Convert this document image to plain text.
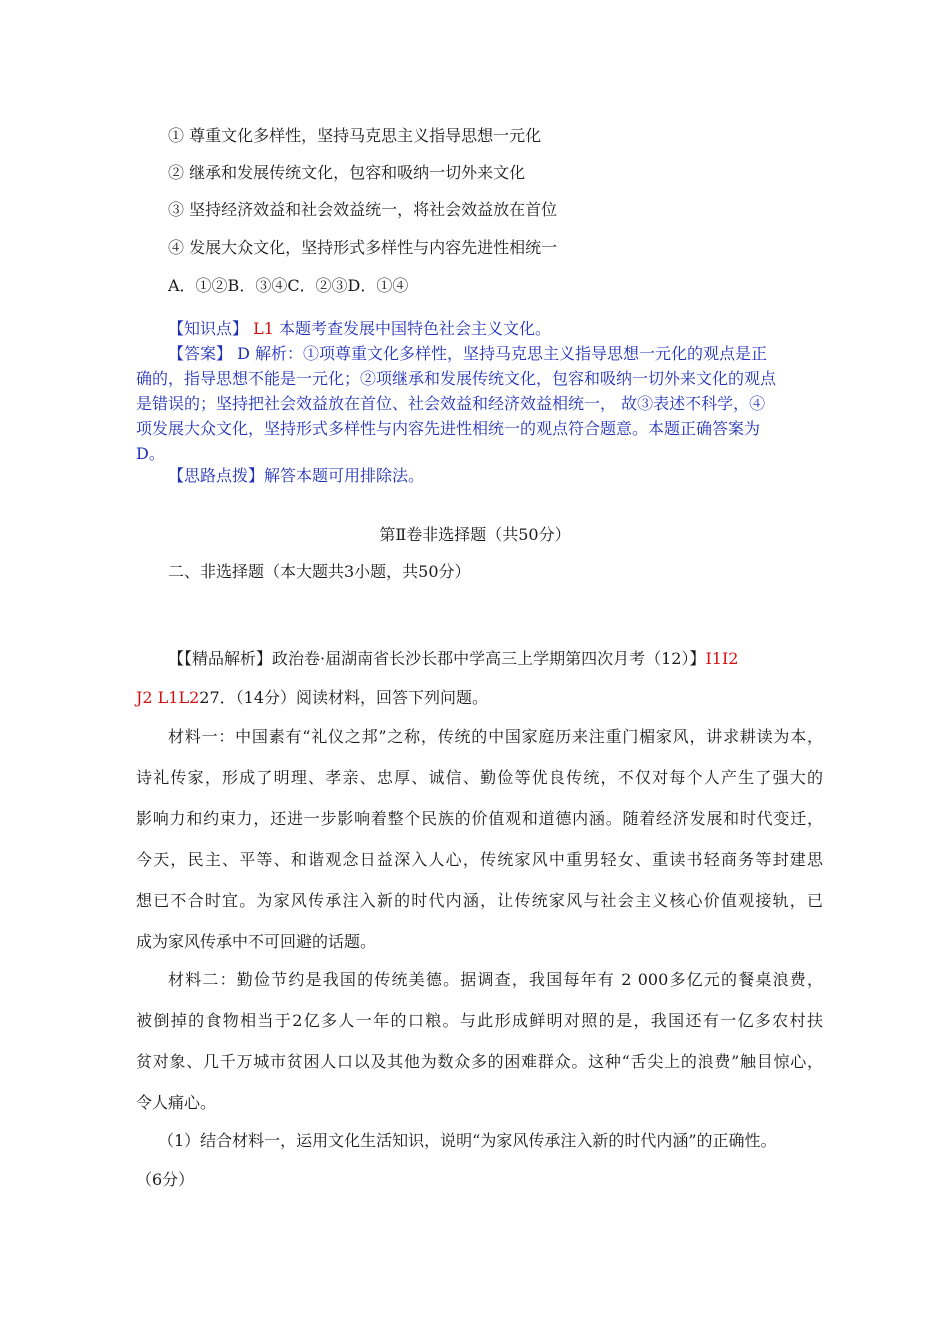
① 尊重文化多样性，坚持马克思主义指导思想一元化
② 继承和发展传统文化，包容和吸纳一切外来文化
③ 坚持经济效益和社会效益统一，将社会效益放在首位
④ 发展大众文化，坚持形式多样性与内容先进性相统一
A．①②B．③④C．②③D．①④
【知识点】 L1 本题考查发展中国特色社会主义文化。
【答案】 D 解析：①项尊重文化多样性，坚持马克思主义指导思想一元化的观点是正
确的，指导思想不能是一元化；②项继承和发展传统文化，包容和吸纳一切外来文化的观点
是错误的；坚持把社会效益放在首位、社会效益和经济效益相统一， 故③表述不科学，④
项发展大众文化，坚持形式多样性与内容先进性相统一的观点符合题意。本题正确答案为
D。
【思路点拨】解答本题可用排除法。
第Ⅱ卷非选择题（共50分）
二、非选择题（本大题共3小题，共50分）
【【精品解析】政治卷·届湖南省长沙长郡中学高三上学期第四次月考（12）】I1I2
J2 L1L227．（14分）阅读材料，回答下列问题。
材料一：中国素有“礼仪之邦”之称，传统的中国家庭历来注重门楣家风，讲求耕读为本，
诗礼传家，形成了明理、孝亲、忠厚、诚信、勤俭等优良传统，不仅对每个人产生了强大的
影响力和约束力，还进一步影响着整个民族的价值观和道德内涵。随着经济发展和时代变迁，
今天，民主、平等、和谐观念日益深入人心，传统家风中重男轻女、重读书轻商务等封建思
想已不合时宜。为家风传承注入新的时代内涵，让传统家风与社会主义核心价值观接轨，已
成为家风传承中不可回避的话题。
材料二：勤俭节约是我国的传统美德。据调查，我国每年有 2 000多亿元的餐桌浪费，
被倒掉的食物相当于2亿多人一年的口粮。与此形成鲜明对照的是，我国还有一亿多农村扶
贫对象、几千万城市贫困人口以及其他为数众多的困难群众。这种“舌尖上的浪费”触目惊心，
令人痛心。
（1）结合材料一，运用文化生活知识，说明“为家风传承注入新的时代内涵”的正确性。
（6分）
